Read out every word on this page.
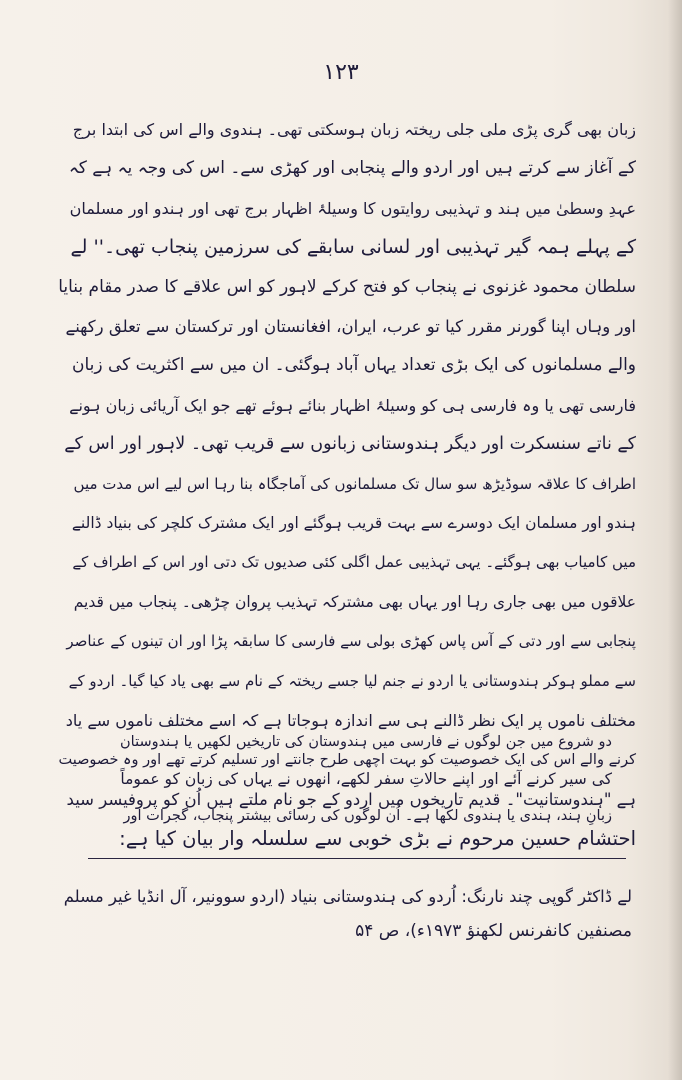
۱۲۳
زبان بھی گری پڑی ملی جلی ریختہ زبان ہوسکتی تھی۔ ہندوی والے اس کی ابتدا برج
کے آغاز سے کرتے ہیں اور اردو والے پنجابی اور کھڑی سے۔ اس کی وجہ یہ ہے کہ
عہدِ وسطیٰ میں ہند و تہذیبی روایتوں کا وسیلۂ اظہار برج تھی اور ہندو اور مسلمان
کے پہلے ہمہ گیر تہذیبی اور لسانی سابقے کی سرزمین پنجاب تھی۔'' لے
سلطان محمود غزنوی نے پنجاب کو فتح کرکے لاہور کو اس علاقے کا صدر مقام بنایا
اور وہاں اپنا گورنر مقرر کیا تو عرب، ایران، افغانستان اور ترکستان سے تعلق رکھنے
والے مسلمانوں کی ایک بڑی تعداد یہاں آباد ہوگئی۔ ان میں سے اکثریت کی زبان
فارسی تھی یا وہ فارسی ہی کو وسیلۂ اظہار بنائے ہوئے تھے جو ایک آریائی زبان ہونے
کے ناتے سنسکرت اور دیگر ہندوستانی زبانوں سے قریب تھی۔ لاہور اور اس کے
اطراف کا علاقہ سوڈیڑھ سو سال تک مسلمانوں کی آماجگاہ بنا رہا اس لیے اس مدت میں
ہندو اور مسلمان ایک دوسرے سے بہت قریب ہوگئے اور ایک مشترک کلچر کی بنیاد ڈالنے
میں کامیاب بھی ہوگئے۔ یہی تہذیبی عمل اگلی کئی صدیوں تک دتی اور اس کے اطراف کے
علاقوں میں بھی جاری رہا اور یہاں بھی مشترکہ تہذیب پروان چڑھی۔ پنجاب میں قدیم
پنجابی سے اور دتی کے آس پاس کھڑی بولی سے فارسی کا سابقہ پڑا اور ان تینوں کے عناصر
سے مملو ہوکر ہندوستانی یا اردو نے جنم لیا جسے ریختہ کے نام سے بھی یاد کیا گیا۔ اردو کے
مختلف ناموں پر ایک نظر ڈالنے ہی سے اندازہ ہوجاتا ہے کہ اسے مختلف ناموں سے یاد
کرنے والے اس کی ایک خصوصیت کو بہت اچھی طرح جانتے اور تسلیم کرتے تھے اور وہ خصوصیت
ہے "ہندوستانیت"۔ قدیم تاریخوں میں اردو کے جو نام ملتے ہیں اُن کو پروفیسر سید
احتشام حسین مرحوم نے بڑی خوبی سے سلسلہ وار بیان کیا ہے:
دو شروع میں جن لوگوں نے فارسی میں ہندوستان کی تاریخیں لکھیں یا ہندوستان
کی سیر کرنے آئے اور اپنے حالاتِ سفر لکھے، انھوں نے یہاں کی زبان کو عموماً
زبانِ ہند، ہندی یا ہندوی لکھا ہے۔ اُن لوگوں کی رسائی بیشتر پنجاب، گجرات اور
لے ڈاکٹر گوپی چند نارنگ: اُردو کی ہندوستانی بنیاد (اردو سوونیر، آل انڈیا غیر مسلم
مصنفین کانفرنس لکھنؤ ۱۹۷۳ء)، ص ۵۴
